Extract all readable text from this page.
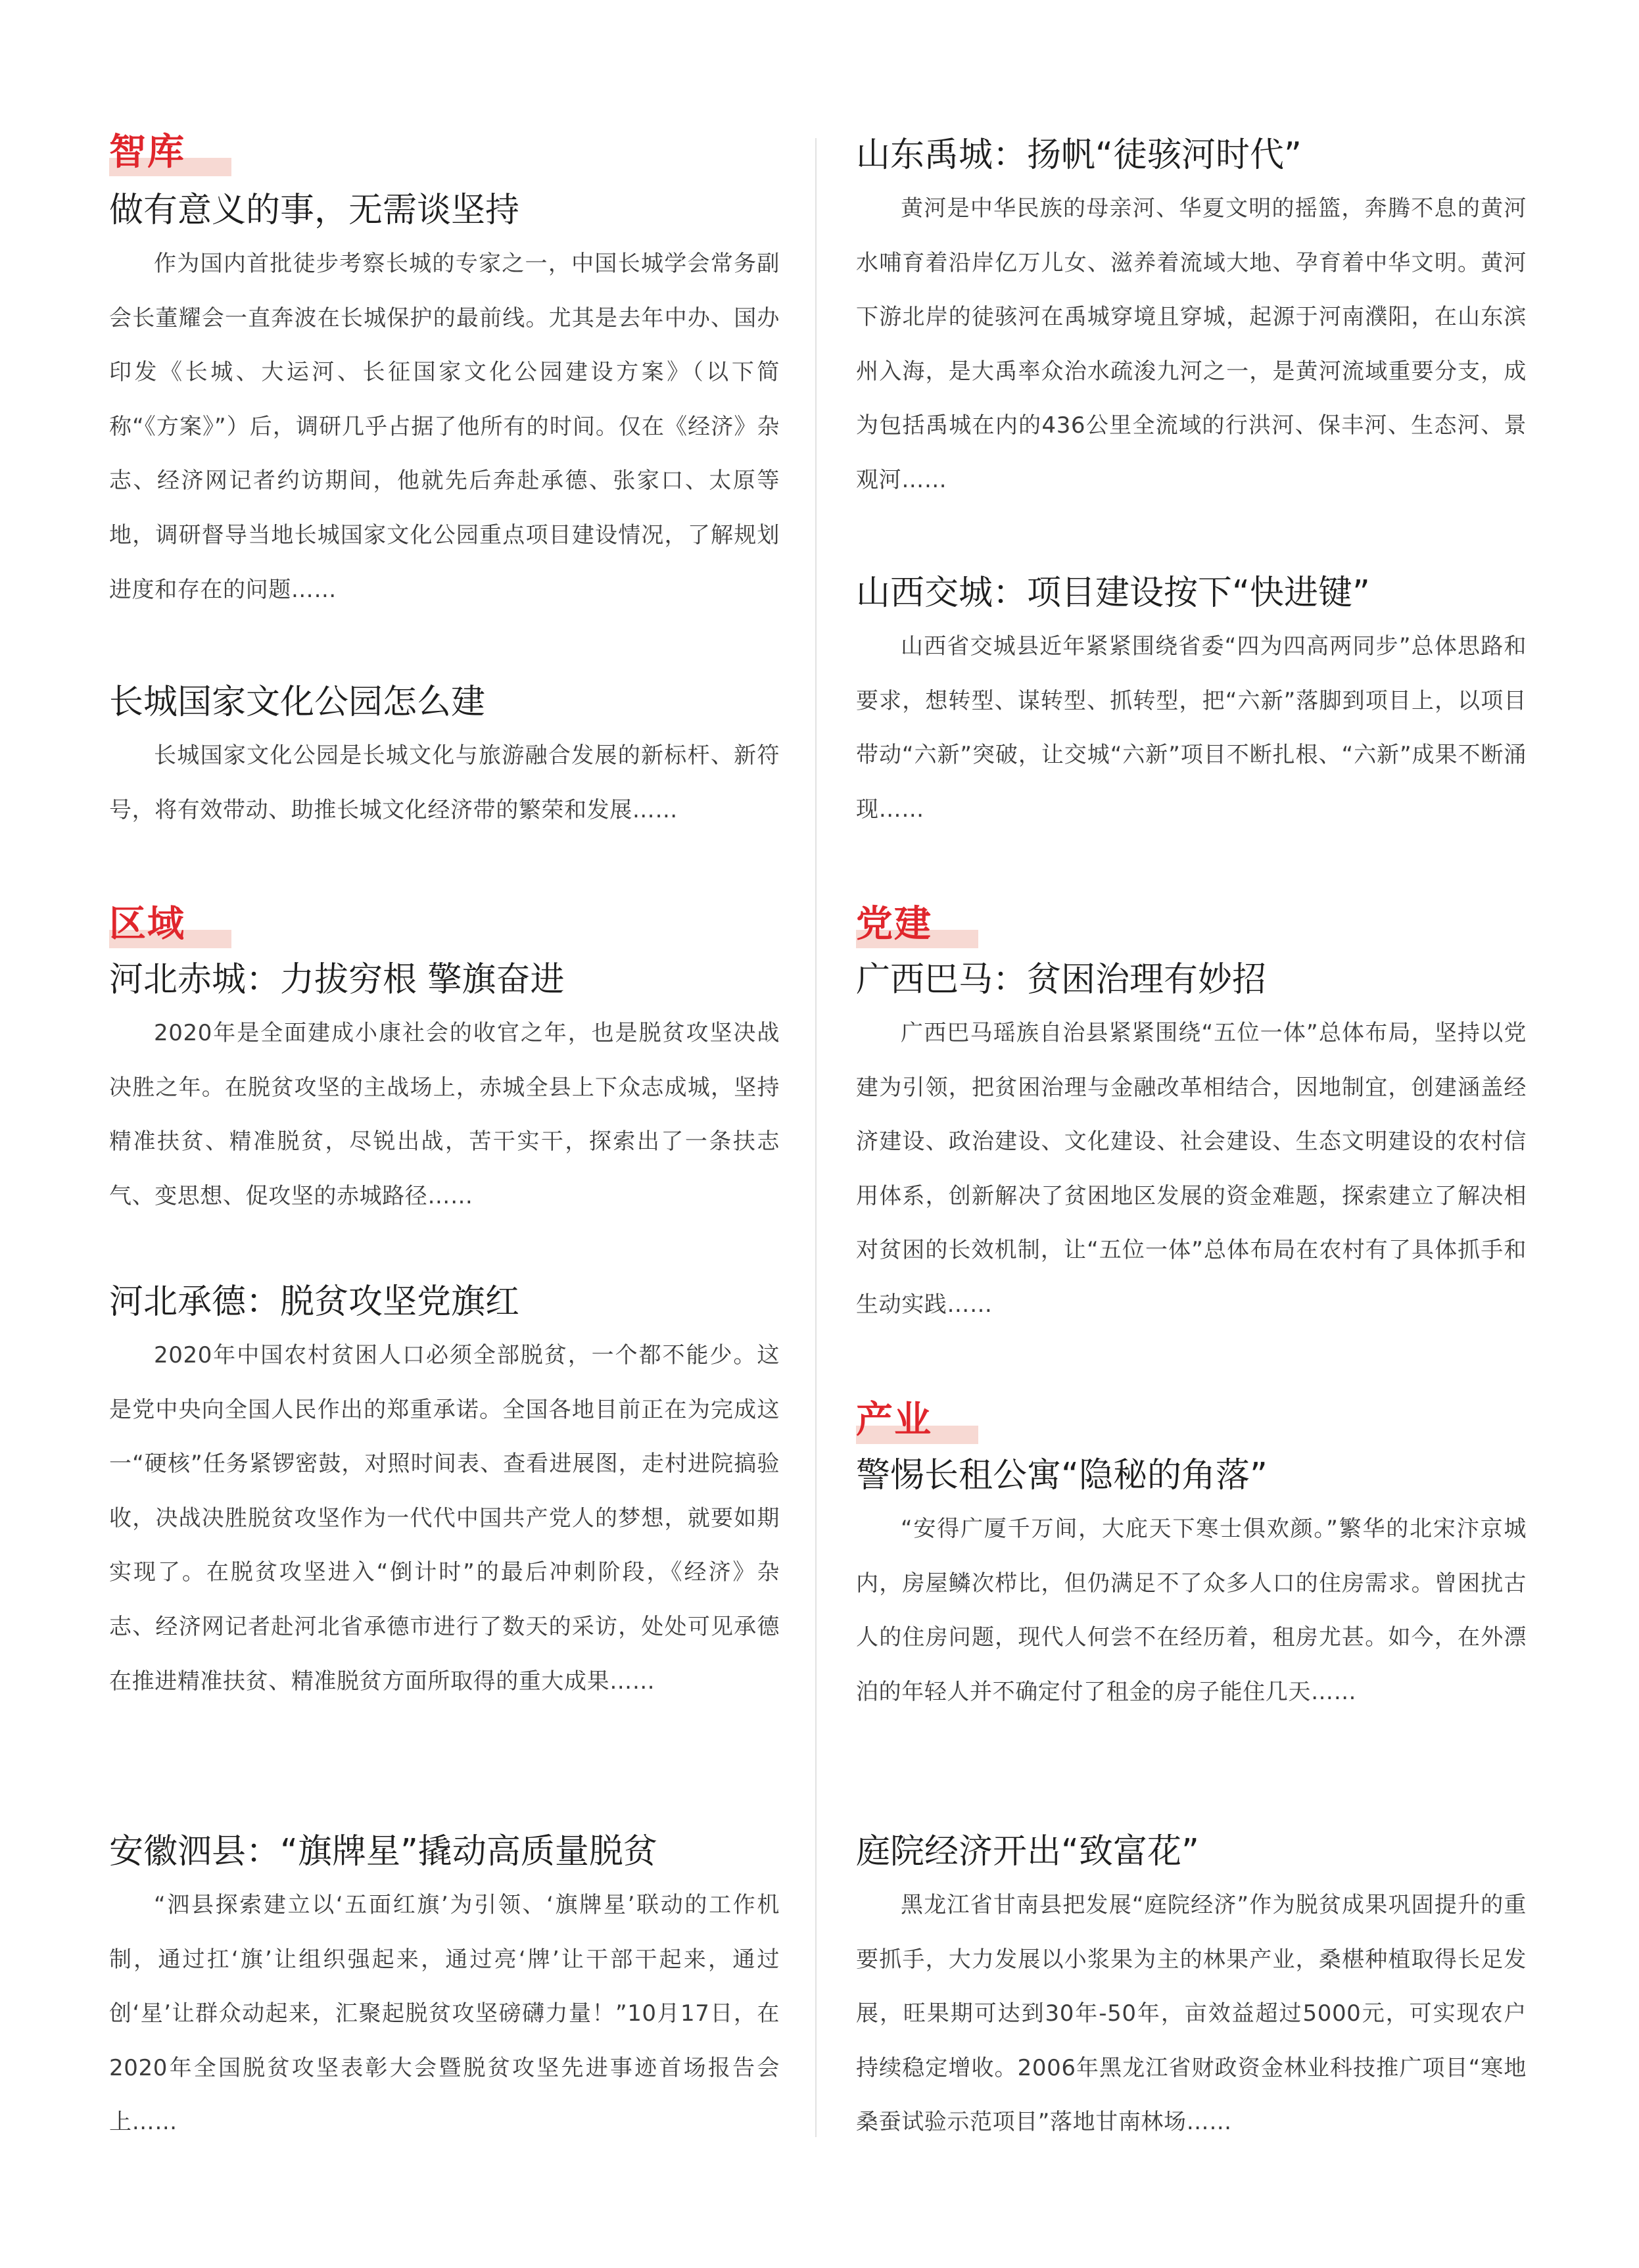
智库
做有意义的事，无需谈坚持

作为国内首批徒步考察长城的专家之一，中国长城学会常务副会长董耀会一直奔波在长城保护的最前线。尤其是去年中办、国办印发《长城、大运河、长征国家文化公园建设方案》（以下简称“《方案》”）后，调研几乎占据了他所有的时间。仅在《经济》杂志、经济网记者约访期间，他就先后奔赴承德、张家口、太原等地，调研督导当地长城国家文化公园重点项目建设情况，了解规划进度和存在的问题……

长城国家文化公园怎么建

长城国家文化公园是长城文化与旅游融合发展的新标杆、新符号，将有效带动、助推长城文化经济带的繁荣和发展……

区域
河北赤城：力拔穷根 擎旗奋进

2020年是全面建成小康社会的收官之年，也是脱贫攻坚决战决胜之年。在脱贫攻坚的主战场上，赤城全县上下众志成城，坚持精准扶贫、精准脱贫，尽锐出战，苦干实干，探索出了一条扶志气、变思想、促攻坚的赤城路径……

河北承德：脱贫攻坚党旗红

2020年中国农村贫困人口必须全部脱贫，一个都不能少。这是党中央向全国人民作出的郑重承诺。全国各地目前正在为完成这一“硬核”任务紧锣密鼓，对照时间表、查看进展图，走村进院搞验收，决战决胜脱贫攻坚作为一代代中国共产党人的梦想，就要如期实现了。在脱贫攻坚进入“倒计时”的最后冲刺阶段，《经济》杂志、经济网记者赴河北省承德市进行了数天的采访，处处可见承德在推进精准扶贫、精准脱贫方面所取得的重大成果……

安徽泗县：“旗牌星”撬动高质量脱贫

“泗县探索建立以‘五面红旗’为引领、‘旗牌星’联动的工作机制，通过扛‘旗’让组织强起来，通过亮‘牌’让干部干起来，通过创‘星’让群众动起来，汇聚起脱贫攻坚磅礴力量！”10月17日，在2020年全国脱贫攻坚表彰大会暨脱贫攻坚先进事迹首场报告会上……

山东禹城：扬帆“徒骇河时代”

黄河是中华民族的母亲河、华夏文明的摇篮，奔腾不息的黄河水哺育着沿岸亿万儿女、滋养着流域大地、孕育着中华文明。黄河下游北岸的徒骇河在禹城穿境且穿城，起源于河南濮阳，在山东滨州入海，是大禹率众治水疏浚九河之一，是黄河流域重要分支，成为包括禹城在内的436公里全流域的行洪河、保丰河、生态河、景观河……

山西交城：项目建设按下“快进键”

山西省交城县近年紧紧围绕省委“四为四高两同步”总体思路和要求，想转型、谋转型、抓转型，把“六新”落脚到项目上，以项目带动“六新”突破，让交城“六新”项目不断扎根、“六新”成果不断涌现……

党建
广西巴马：贫困治理有妙招

广西巴马瑶族自治县紧紧围绕“五位一体”总体布局，坚持以党建为引领，把贫困治理与金融改革相结合，因地制宜，创建涵盖经济建设、政治建设、文化建设、社会建设、生态文明建设的农村信用体系，创新解决了贫困地区发展的资金难题，探索建立了解决相对贫困的长效机制，让“五位一体”总体布局在农村有了具体抓手和生动实践……

产业
警惕长租公寓“隐秘的角落”

“安得广厦千万间，大庇天下寒士俱欢颜。”繁华的北宋汴京城内，房屋鳞次栉比，但仍满足不了众多人口的住房需求。曾困扰古人的住房问题，现代人何尝不在经历着，租房尤甚。如今，在外漂泊的年轻人并不确定付了租金的房子能住几天……

庭院经济开出“致富花”

黑龙江省甘南县把发展“庭院经济”作为脱贫成果巩固提升的重要抓手，大力发展以小浆果为主的林果产业，桑椹种植取得长足发展，旺果期可达到30年-50年，亩效益超过5000元，可实现农户持续稳定增收。2006年黑龙江省财政资金林业科技推广项目“寒地桑蚕试验示范项目”落地甘南林场……
